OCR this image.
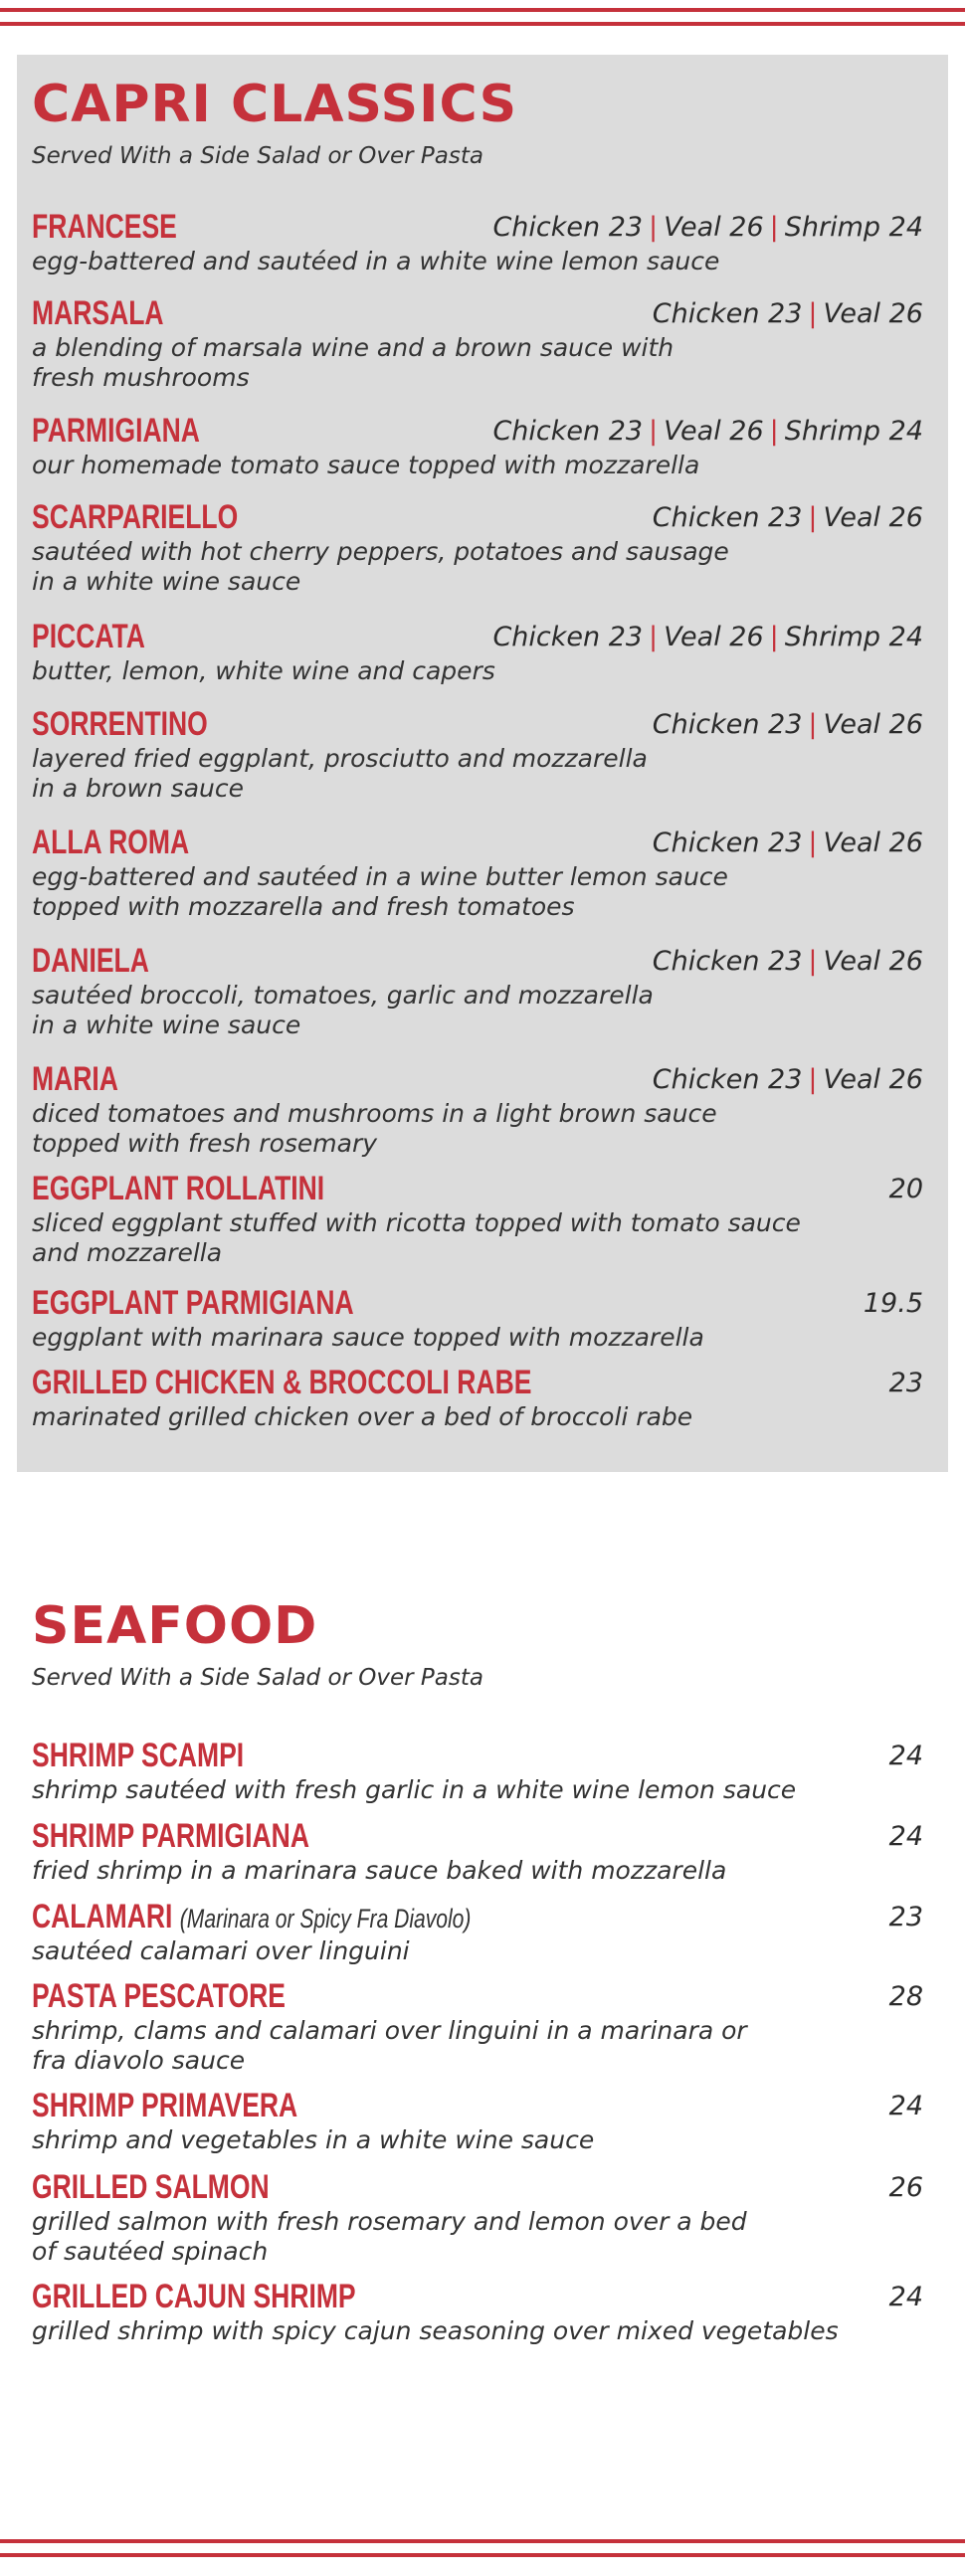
CAPRI CLASSICS

Served With a Side Salad or Over Pasta

FRANCESE	Chicken 23 | Veal 26 | Shrimp 24
egg-battered and sautéed in a white wine lemon sauce
MARSALA	Chicken 23 | Veal 26
a blending of marsala wine and a brown sauce with
fresh mushrooms
PARMIGIANA	Chicken 23 | Veal 26 | Shrimp 24
our homemade tomato sauce topped with mozzarella
SCARPARIELLO	Chicken 23 | Veal 26
sautéed with hot cherry peppers, potatoes and sausage
in a white wine sauce
PICCATA	Chicken 23 | Veal 26 | Shrimp 24
butter, lemon, white wine and capers
SORRENTINO	Chicken 23 | Veal 26
layered fried eggplant, prosciutto and mozzarella
in a brown sauce
ALLA ROMA	Chicken 23 | Veal 26
egg-battered and sautéed in a wine butter lemon sauce
topped with mozzarella and fresh tomatoes
DANIELA	Chicken 23 | Veal 26
sautéed broccoli, tomatoes, garlic and mozzarella
in a white wine sauce
MARIA	Chicken 23 | Veal 26
diced tomatoes and mushrooms in a light brown sauce
topped with fresh rosemary
EGGPLANT ROLLATINI	20
sliced eggplant stuffed with ricotta topped with tomato sauce
and mozzarella
EGGPLANT PARMIGIANA	19.5
eggplant with marinara sauce topped with mozzarella
GRILLED CHICKEN & BROCCOLI RABE	23
marinated grilled chicken over a bed of broccoli rabe
SEAFOOD

Served With a Side Salad or Over Pasta

SHRIMP SCAMPI	24
shrimp sautéed with fresh garlic in a white wine lemon sauce
SHRIMP PARMIGIANA	24
fried shrimp in a marinara sauce baked with mozzarella
CALAMARI (Marinara or Spicy Fra Diavolo)	23
sautéed calamari over linguini
PASTA PESCATORE	28
shrimp, clams and calamari over linguini in a marinara or
fra diavolo sauce
SHRIMP PRIMAVERA	24
shrimp and vegetables in a white wine sauce
GRILLED SALMON	26
grilled salmon with fresh rosemary and lemon over a bed
of sautéed spinach
GRILLED CAJUN SHRIMP	24
grilled shrimp with spicy cajun seasoning over mixed vegetables
